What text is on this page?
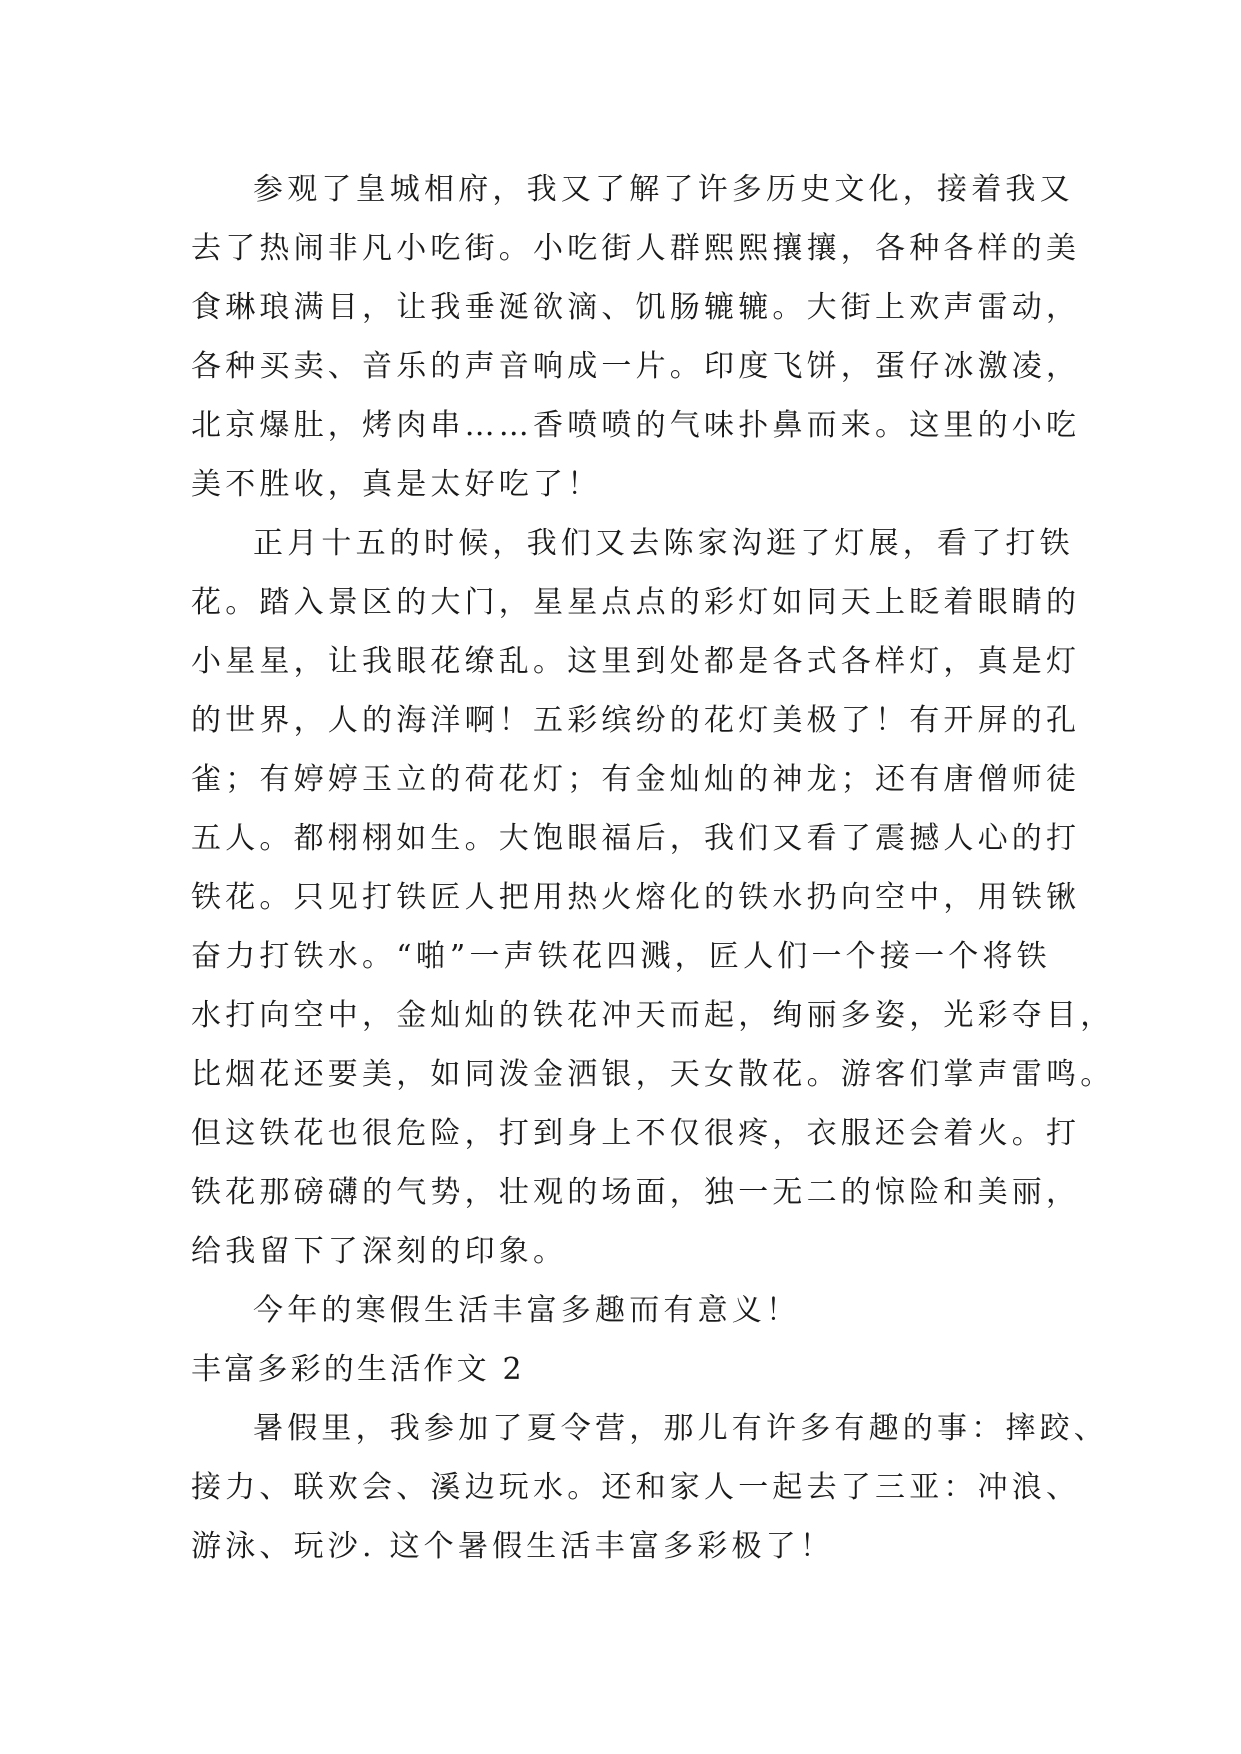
参观了皇城相府，我又了解了许多历史文化，接着我又
去了热闹非凡小吃街。小吃街人群熙熙攘攘，各种各样的美
食琳琅满目，让我垂涎欲滴、饥肠辘辘。大街上欢声雷动，
各种买卖、音乐的声音响成一片。印度飞饼，蛋仔冰激凌，
北京爆肚，烤肉串……香喷喷的气味扑鼻而来。这里的小吃
美不胜收，真是太好吃了！
正月十五的时候，我们又去陈家沟逛了灯展，看了打铁
花。踏入景区的大门，星星点点的彩灯如同天上眨着眼睛的
小星星，让我眼花缭乱。这里到处都是各式各样灯，真是灯
的世界，人的海洋啊！五彩缤纷的花灯美极了！有开屏的孔
雀；有婷婷玉立的荷花灯；有金灿灿的神龙；还有唐僧师徒
五人。都栩栩如生。大饱眼福后，我们又看了震撼人心的打
铁花。只见打铁匠人把用热火熔化的铁水扔向空中，用铁锹
奋力打铁水。“啪”一声铁花四溅，匠人们一个接一个将铁
水打向空中，金灿灿的铁花冲天而起，绚丽多姿，光彩夺目，
比烟花还要美，如同泼金洒银，天女散花。游客们掌声雷鸣。
但这铁花也很危险，打到身上不仅很疼，衣服还会着火。打
铁花那磅礴的气势，壮观的场面，独一无二的惊险和美丽，
给我留下了深刻的印象。
今年的寒假生活丰富多趣而有意义！
丰富多彩的生活作文 2
暑假里，我参加了夏令营，那儿有许多有趣的事：摔跤、
接力、联欢会、溪边玩水。还和家人一起去了三亚：冲浪、
游泳、玩沙. 这个暑假生活丰富多彩极了！
